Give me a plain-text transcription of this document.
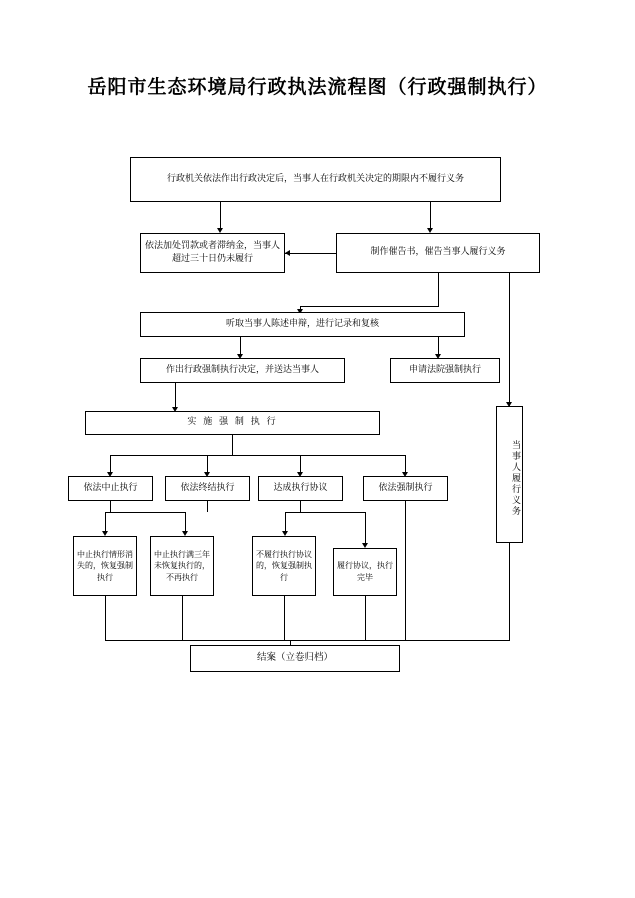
岳阳市生态环境局行政执法流程图（行政强制执行）
行政机关依法作出行政决定后，当事人在行政机关决定的期限内不履行义务
依法加处罚款或者滞纳金，当事人超过三十日仍未履行
制作催告书，催告当事人履行义务
听取当事人陈述申辩，进行记录和复核
作出行政强制执行决定，并送达当事人	申请法院强制执行
当事人履行义务
实 施 强 制 执 行
依法中止执行	依法终结执行	达成执行协议	依法强制执行
中止执行情形消失的，恢复强制执行
中止执行满三年未恢复执行的，不再执行
不履行执行协议的，恢复强制执行
履行协议，执行完毕
结案（立卷归档）
